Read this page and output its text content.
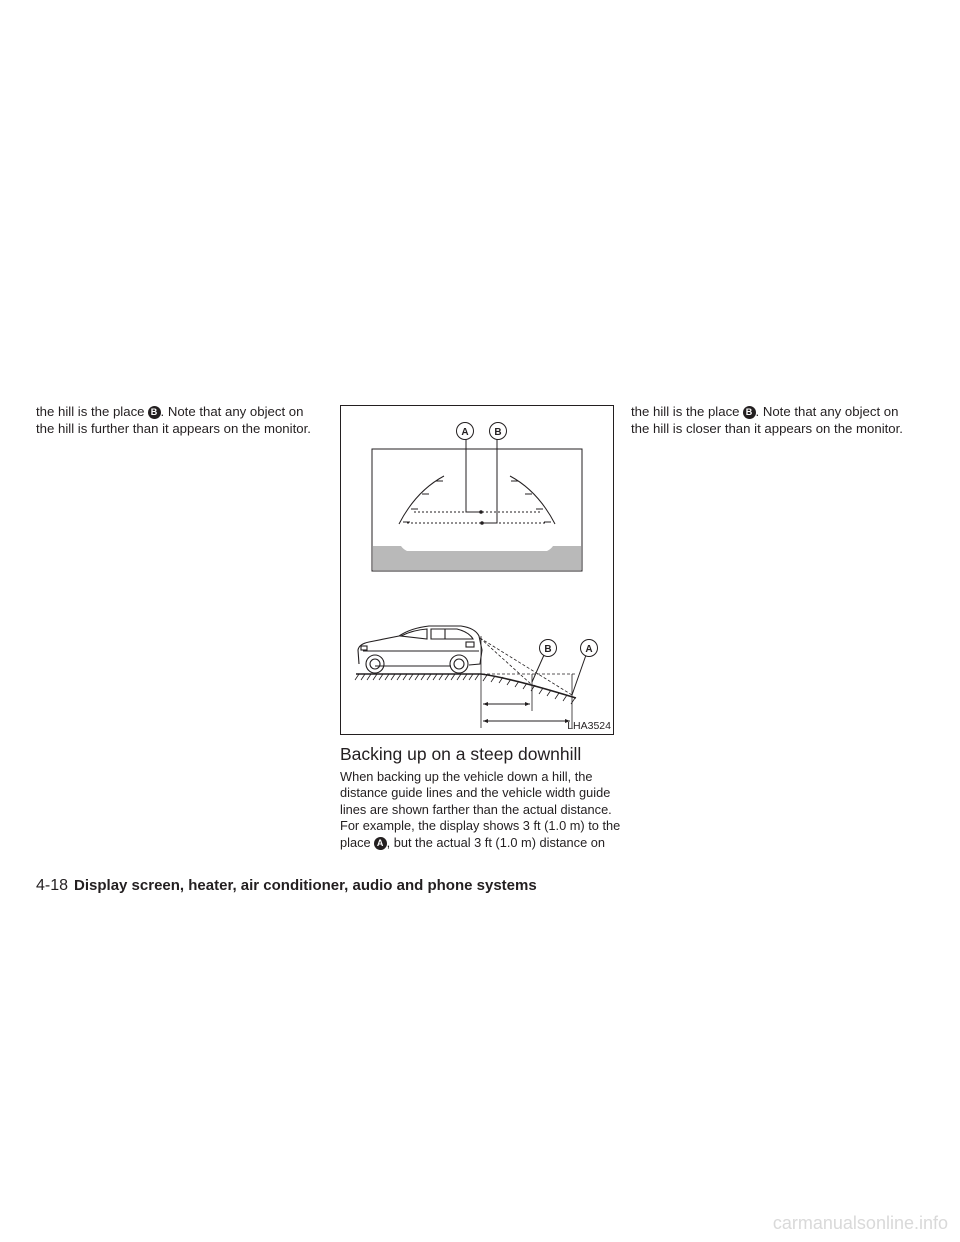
the hill is the place B . Note that any object on
the hill is further than it appears on the monitor.	A	B
B	A
LHA3524
Backing up on a steep downhill
When backing up the vehicle down a hill, the
distance guide lines and the vehicle width guide
lines are shown farther than the actual distance.
For example, the display shows 3 ft (1.0 m) to the
place A , but the actual 3 ft (1.0 m) distance on
the hill is the place B . Note that any object on
the hill is closer than it appears on the monitor.
4-18 Display screen, heater, air conditioner, audio and phone systems
carmanualsonline.info
